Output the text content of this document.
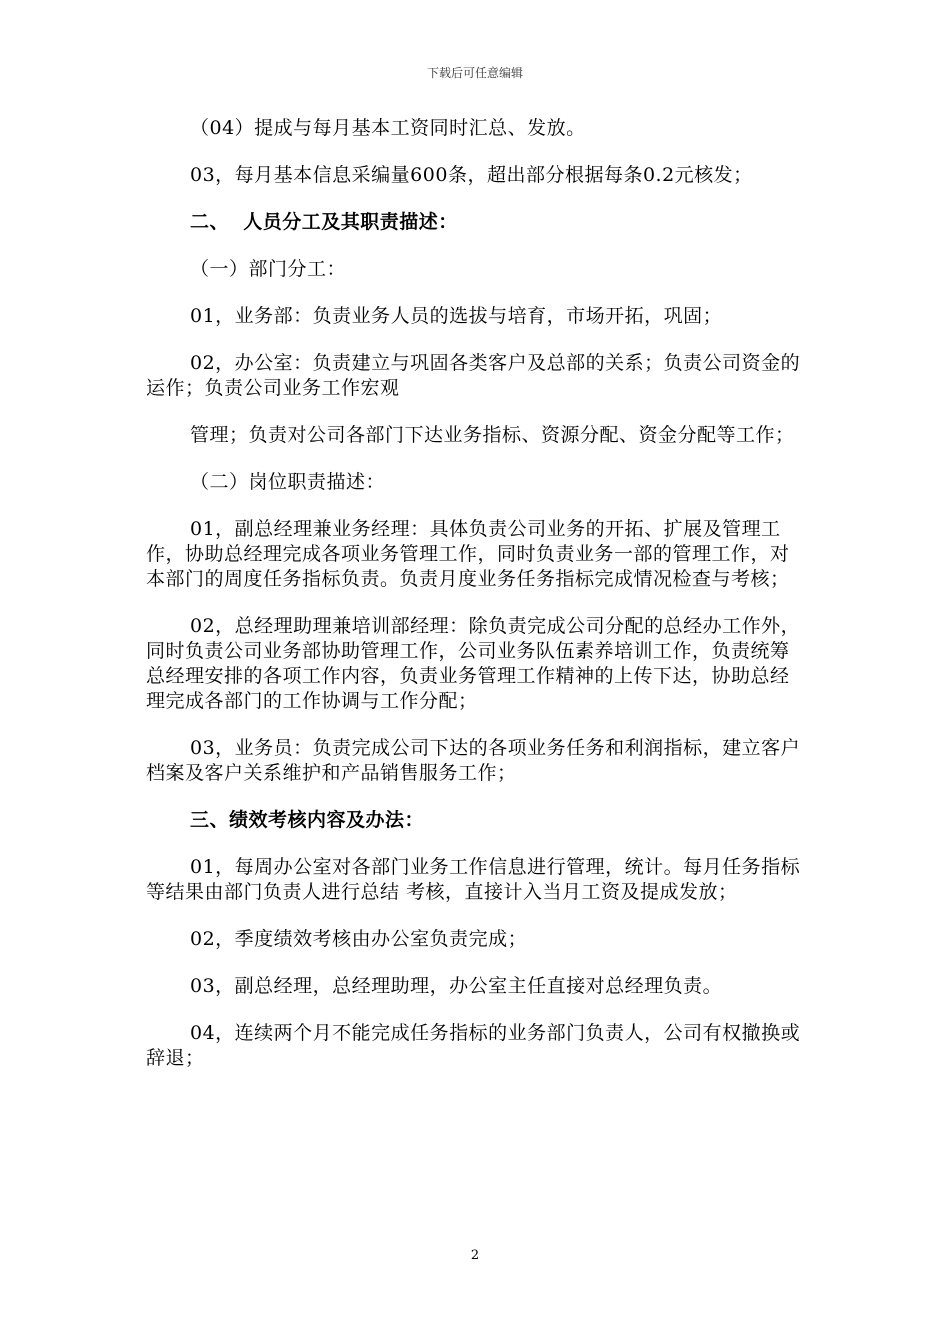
下载后可任意编辑

（04）提成与每月基本工资同时汇总、发放。

03，每月基本信息采编量600条，超出部分根据每条0.2元核发；

二、  人员分工及其职责描述：

（一）部门分工：

01，业务部：负责业务人员的选拔与培育，市场开拓，巩固；

02，办公室：负责建立与巩固各类客户及总部的关系；负责公司资金的运作；负责公司业务工作宏观

管理；负责对公司各部门下达业务指标、资源分配、资金分配等工作；

（二）岗位职责描述：

01，副总经理兼业务经理：具体负责公司业务的开拓、扩展及管理工作，协助总经理完成各项业务管理工作，同时负责业务一部的管理工作，对本部门的周度任务指标负责。负责月度业务任务指标完成情况检查与考核；

02，总经理助理兼培训部经理：除负责完成公司分配的总经办工作外，同时负责公司业务部协助管理工作，公司业务队伍素养培训工作，负责统筹总经理安排的各项工作内容，负责业务管理工作精神的上传下达，协助总经理完成各部门的工作协调与工作分配；

03，业务员：负责完成公司下达的各项业务任务和利润指标，建立客户档案及客户关系维护和产品销售服务工作；

三、绩效考核内容及办法：

01，每周办公室对各部门业务工作信息进行管理，统计。每月任务指标等结果由部门负责人进行总结 考核，直接计入当月工资及提成发放；

02，季度绩效考核由办公室负责完成；

03，副总经理，总经理助理，办公室主任直接对总经理负责。

04，连续两个月不能完成任务指标的业务部门负责人，公司有权撤换或辞退；

2
